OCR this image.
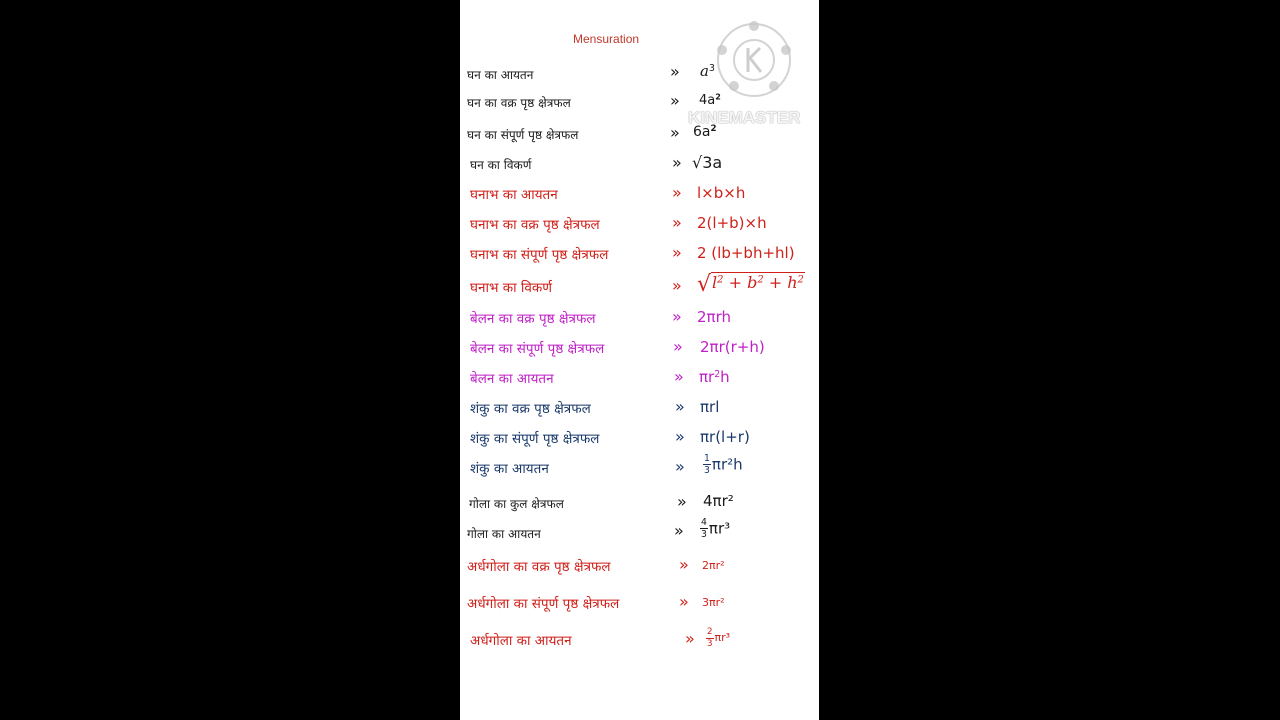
Mensuration
KINEMASTER
घन का आयतन	» $a^3$
घन का वक्र पृष्ठ क्षेत्रफल	» $4a^2$
घन का संपूर्ण पृष्ठ क्षेत्रफल	» $6a^2$
घन का विकर्ण	» √3a
घनाभ का आयतन	» l×b×h
घनाभ का वक्र पृष्ठ क्षेत्रफल	» 2(l+b)×h
घनाभ का संपूर्ण पृष्ठ क्षेत्रफल	» 2 (lb+bh+hl)
घनाभ का विकर्ण	» $√l^2 + b^2 + h^2$
बेलन का वक्र पृष्ठ क्षेत्रफल	» 2πrh
बेलन का संपूर्ण पृष्ठ क्षेत्रफल	» 2πr(r+h)
बेलन का आयतन	» $\pi r^2h$
शंकु का वक्र पृष्ठ क्षेत्रफल	» πrl
शंकु का संपूर्ण पृष्ठ क्षेत्रफल	» πr(l+r)
शंकु का आयतन	» $\frac{1}{3} \pi r^2h$
गोला का कुल क्षेत्रफल	» 4πr²
गोला का आयतन	» $\frac{4}{3} \pi r^3$
अर्धगोला का वक्र पृष्ठ क्षेत्रफल	» 2πr²
अर्धगोला का संपूर्ण पृष्ठ क्षेत्रफल	» 3πr²
अर्धगोला का आयतन	» $\frac{2}{3} \pi r^3$
